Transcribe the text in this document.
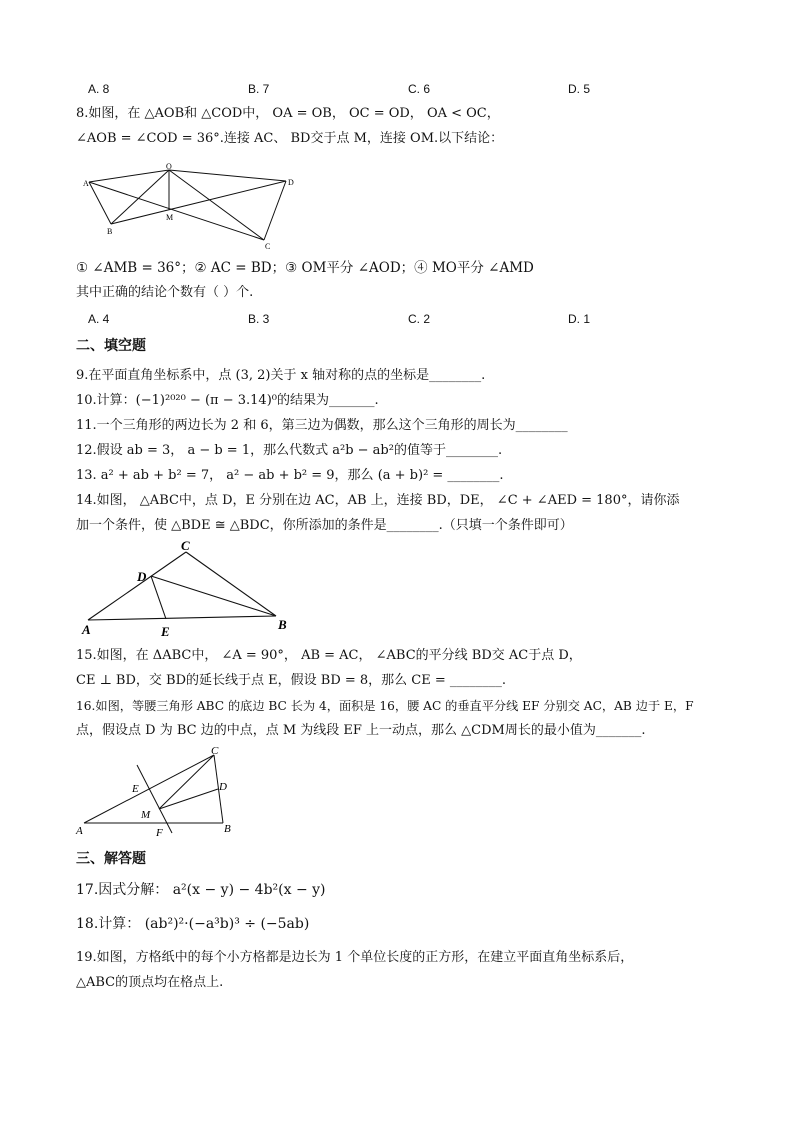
A. 8	B. 7	C. 6	D. 5
8.如图，在 △AOB和 △COD中， OA = OB， OC = OD， OA < OC，
∠AOB = ∠COD = 36°.连接 AC、 BD交于点 M，连接 OM.以下结论：
A
O
D
M
B
C
① ∠AMB = 36°；② AC = BD；③ OM平分 ∠AOD；④ MO平分 ∠AMD
其中正确的结论个数有（ ）个.
A. 4	B. 3	C. 2	D. 1
二、填空题
9.在平面直角坐标系中，点 (3, 2)关于 x 轴对称的点的坐标是________.
10.计算：(−1)²⁰²⁰ − (π − 3.14)⁰的结果为_______.
11.一个三角形的两边长为 2 和 6，第三边为偶数，那么这个三角形的周长为________
12.假设 ab = 3， a − b = 1，那么代数式 a²b − ab²的值等于________.
13. a² + ab + b² = 7， a² − ab + b² = 9，那么 (a + b)² = ________.
14.如图， △ABC中，点 D，E 分别在边 AC，AB 上，连接 BD，DE， ∠C + ∠AED = 180°，请你添
加一个条件，使 △BDE ≅ △BDC，你所添加的条件是________.（只填一个条件即可）
C
D
A	E	B
15.如图，在 ΔABC中， ∠A = 90°， AB = AC， ∠ABC的平分线 BD交 AC于点 D，
CE ⊥ BD，交 BD的延长线于点 E，假设 BD = 8，那么 CE = ________.
16.如图，等腰三角形 ABC 的底边 BC 长为 4，面积是 16，腰 AC 的垂直平分线 EF 分别交 AC，AB 边于 E，F
点，假设点 D 为 BC 边的中点，点 M 为线段 EF 上一动点，那么 △CDM周长的最小值为_______.
C
E	D
M
A	F	B
三、解答题
17.因式分解： a²(x − y) − 4b²(x − y)
18.计算： (ab²)²·(−a³b)³ ÷ (−5ab)
19.如图，方格纸中的每个小方格都是边长为 1 个单位长度的正方形，在建立平面直角坐标系后，
△ABC的顶点均在格点上.
